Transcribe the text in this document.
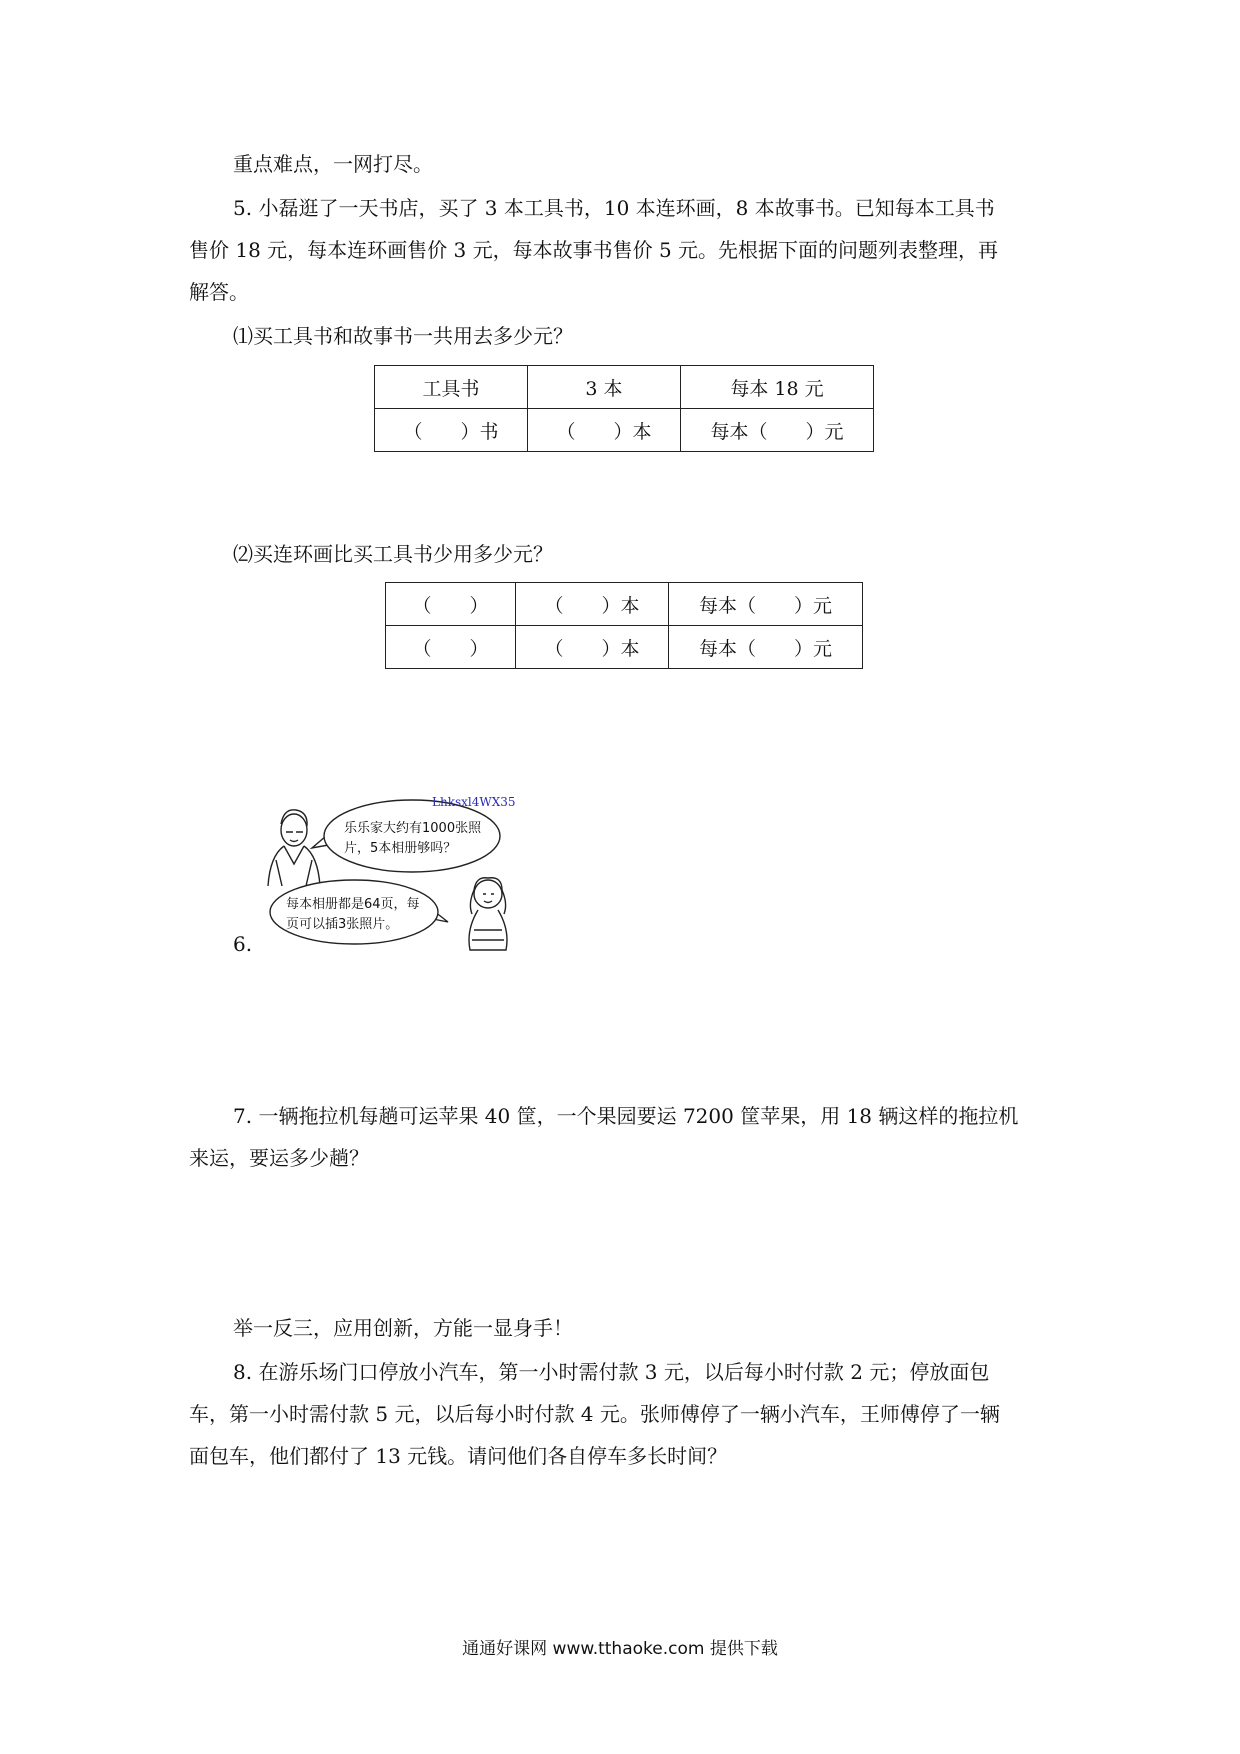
重点难点，一网打尽。
5. 小磊逛了一天书店，买了 3 本工具书，10 本连环画，8 本故事书。已知每本工具书
售价 18 元，每本连环画售价 3 元，每本故事书售价 5 元。先根据下面的问题列表整理，再
解答。
⑴买工具书和故事书一共用去多少元？
工具书	3 本	每本 18 元
（　　）书	（　　）本	每本（　　）元
⑵买连环画比买工具书少用多少元？
（　　）	（　　）本	每本（　　）元
（　　）	（　　）本	每本（　　）元
6.
Lhksxl4WX35
乐乐家大约有1000张照
片，5本相册够吗？
每本相册都是64页，每
页可以插3张照片。
7. 一辆拖拉机每趟可运苹果 40 筐，一个果园要运 7200 筐苹果，用 18 辆这样的拖拉机
来运，要运多少趟？
举一反三，应用创新，方能一显身手！
8. 在游乐场门口停放小汽车，第一小时需付款 3 元，以后每小时付款 2 元；停放面包
车，第一小时需付款 5 元，以后每小时付款 4 元。张师傅停了一辆小汽车，王师傅停了一辆
面包车，他们都付了 13 元钱。请问他们各自停车多长时间？
通通好课网 www.tthaoke.com 提供下载
